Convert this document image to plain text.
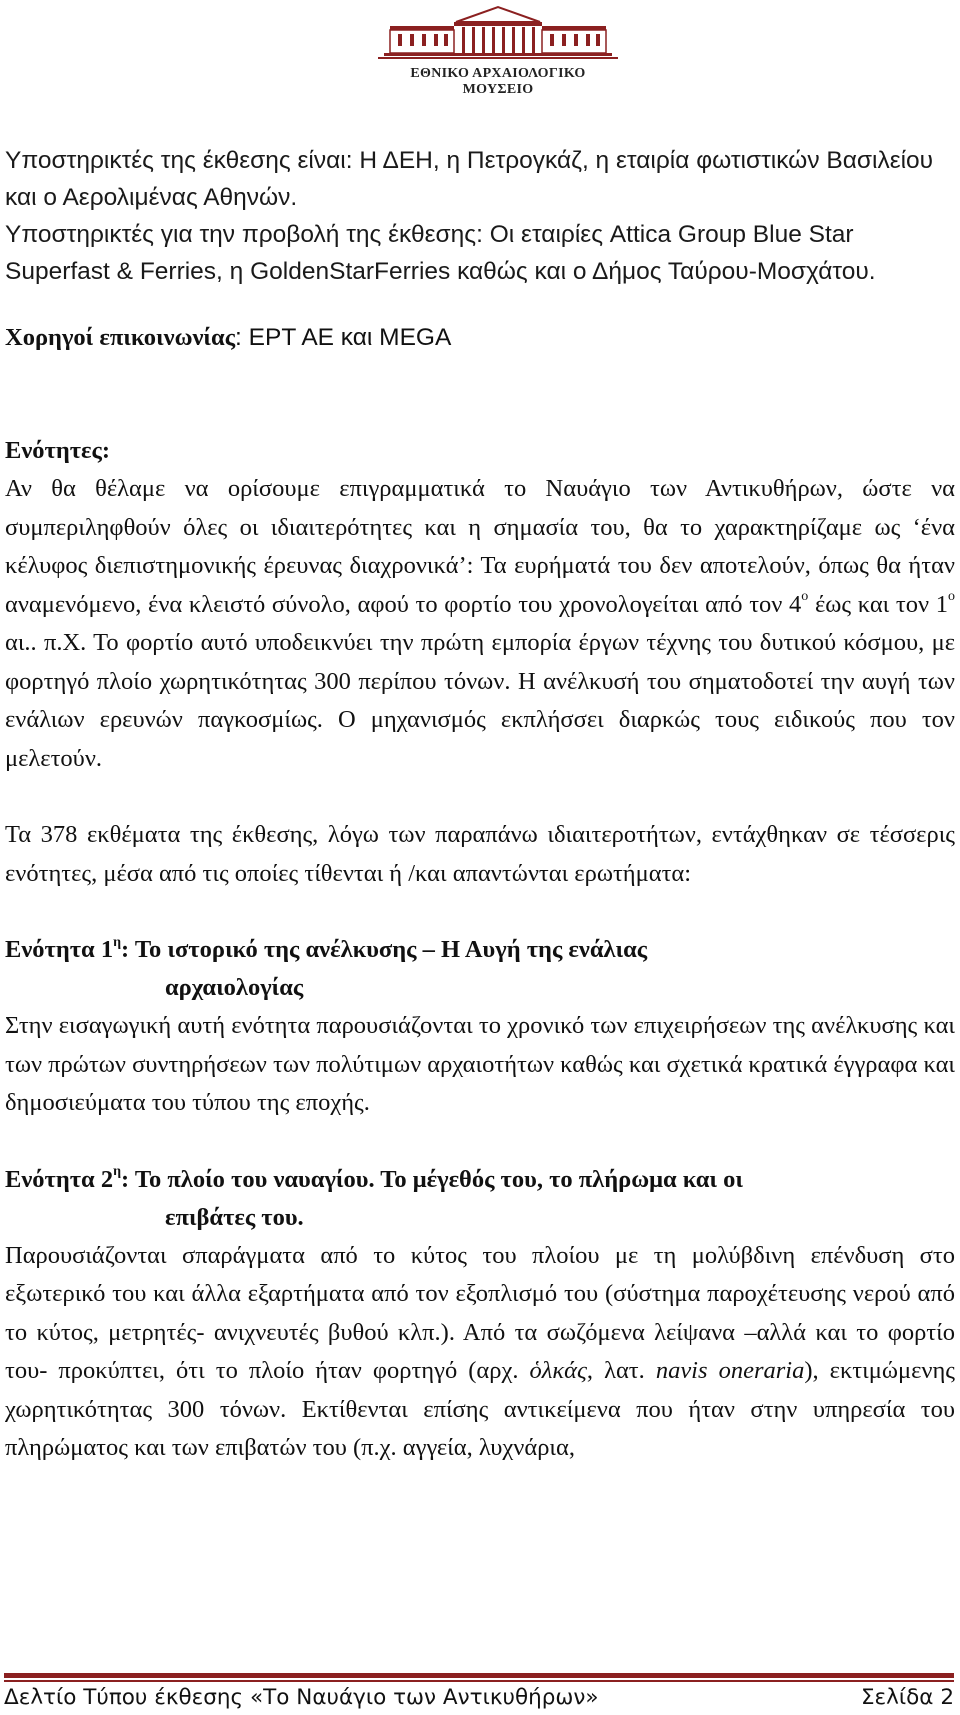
ΕΘΝΙΚΟ ΑΡΧΑΙΟΛΟΓΙΚΟ ΜΟΥΣΕΙΟ

Υποστηρικτές της έκθεσης είναι: Η ΔΕΗ, η Πετρογκάζ, η εταιρία φωτιστικών Βασιλείου και ο Αερολιμένας Αθηνών.

Υποστηρικτές για την προβολή της έκθεσης: Οι εταιρίες Attica Group Blue Star Superfast & Ferries, η GoldenStarFerries καθώς και ο Δήμος Ταύρου-Μοσχάτου.

Χορηγοί επικοινωνίας: ΕΡΤ ΑΕ και MEGA

Ενότητες:

Αν θα θέλαμε να ορίσουμε επιγραμματικά το Ναυάγιο των Αντικυθήρων, ώστε να συμπεριληφθούν όλες οι ιδιαιτερότητες και η σημασία του, θα το χαρακτηρίζαμε ως ‘ένα κέλυφος διεπιστημονικής έρευνας διαχρονικά’: Τα ευρήματά του δεν αποτελούν, όπως θα ήταν αναμενόμενο, ένα κλειστό σύνολο, αφού το φορτίο του χρονολογείται από τον $4^o$ έως και τον $1^o$ αι.. π.Χ. Το φορτίο αυτό υποδεικνύει την πρώτη εμπορία έργων τέχνης του δυτικού κόσμου, με φορτηγό πλοίο χωρητικότητας 300 περίπου τόνων. Η ανέλκυσή του σηματοδοτεί την αυγή των ενάλιων ερευνών παγκοσμίως. Ο μηχανισμός εκπλήσσει διαρκώς τους ειδικούς που τον μελετούν.

Τα 378 εκθέματα της έκθεσης, λόγω των παραπάνω ιδιαιτεροτήτων, εντάχθηκαν σε τέσσερις ενότητες, μέσα από τις οποίες τίθενται ή /και απαντώνται ερωτήματα:

Ενότητα $1^\eta$: Το ιστορικό της ανέλκυσης – Η Αυγή της ενάλιας

αρχαιολογίας

Στην εισαγωγική αυτή ενότητα παρουσιάζονται το χρονικό των επιχειρήσεων της ανέλκυσης και των πρώτων συντηρήσεων των πολύτιμων αρχαιοτήτων καθώς και σχετικά κρατικά έγγραφα και δημοσιεύματα του τύπου της εποχής.

Ενότητα $2^\eta$: Το πλοίο του ναυαγίου. Το μέγεθός του, το πλήρωμα και οι

επιβάτες του.

Παρουσιάζονται σπαράγματα από το κύτος του πλοίου με τη μολύβδινη επένδυση στο εξωτερικό του και άλλα εξαρτήματα από τον εξοπλισμό του (σύστημα παροχέτευσης νερού από το κύτος, μετρητές- ανιχνευτές βυθού κλπ.). Από τα σωζόμενα λείψανα –αλλά και το φορτίο του- προκύπτει, ότι το πλοίο ήταν φορτηγό (αρχ. ὁλκάς, λατ. navis oneraria), εκτιμώμενης χωρητικότητας 300 τόνων. Εκτίθενται επίσης αντικείμενα που ήταν στην υπηρεσία του πληρώματος και των επιβατών του (π.χ. αγγεία, λυχνάρια,

Δελτίο Τύπου έκθεσης «Το Ναυάγιο των Αντικυθήρων»	Σελίδα 2
